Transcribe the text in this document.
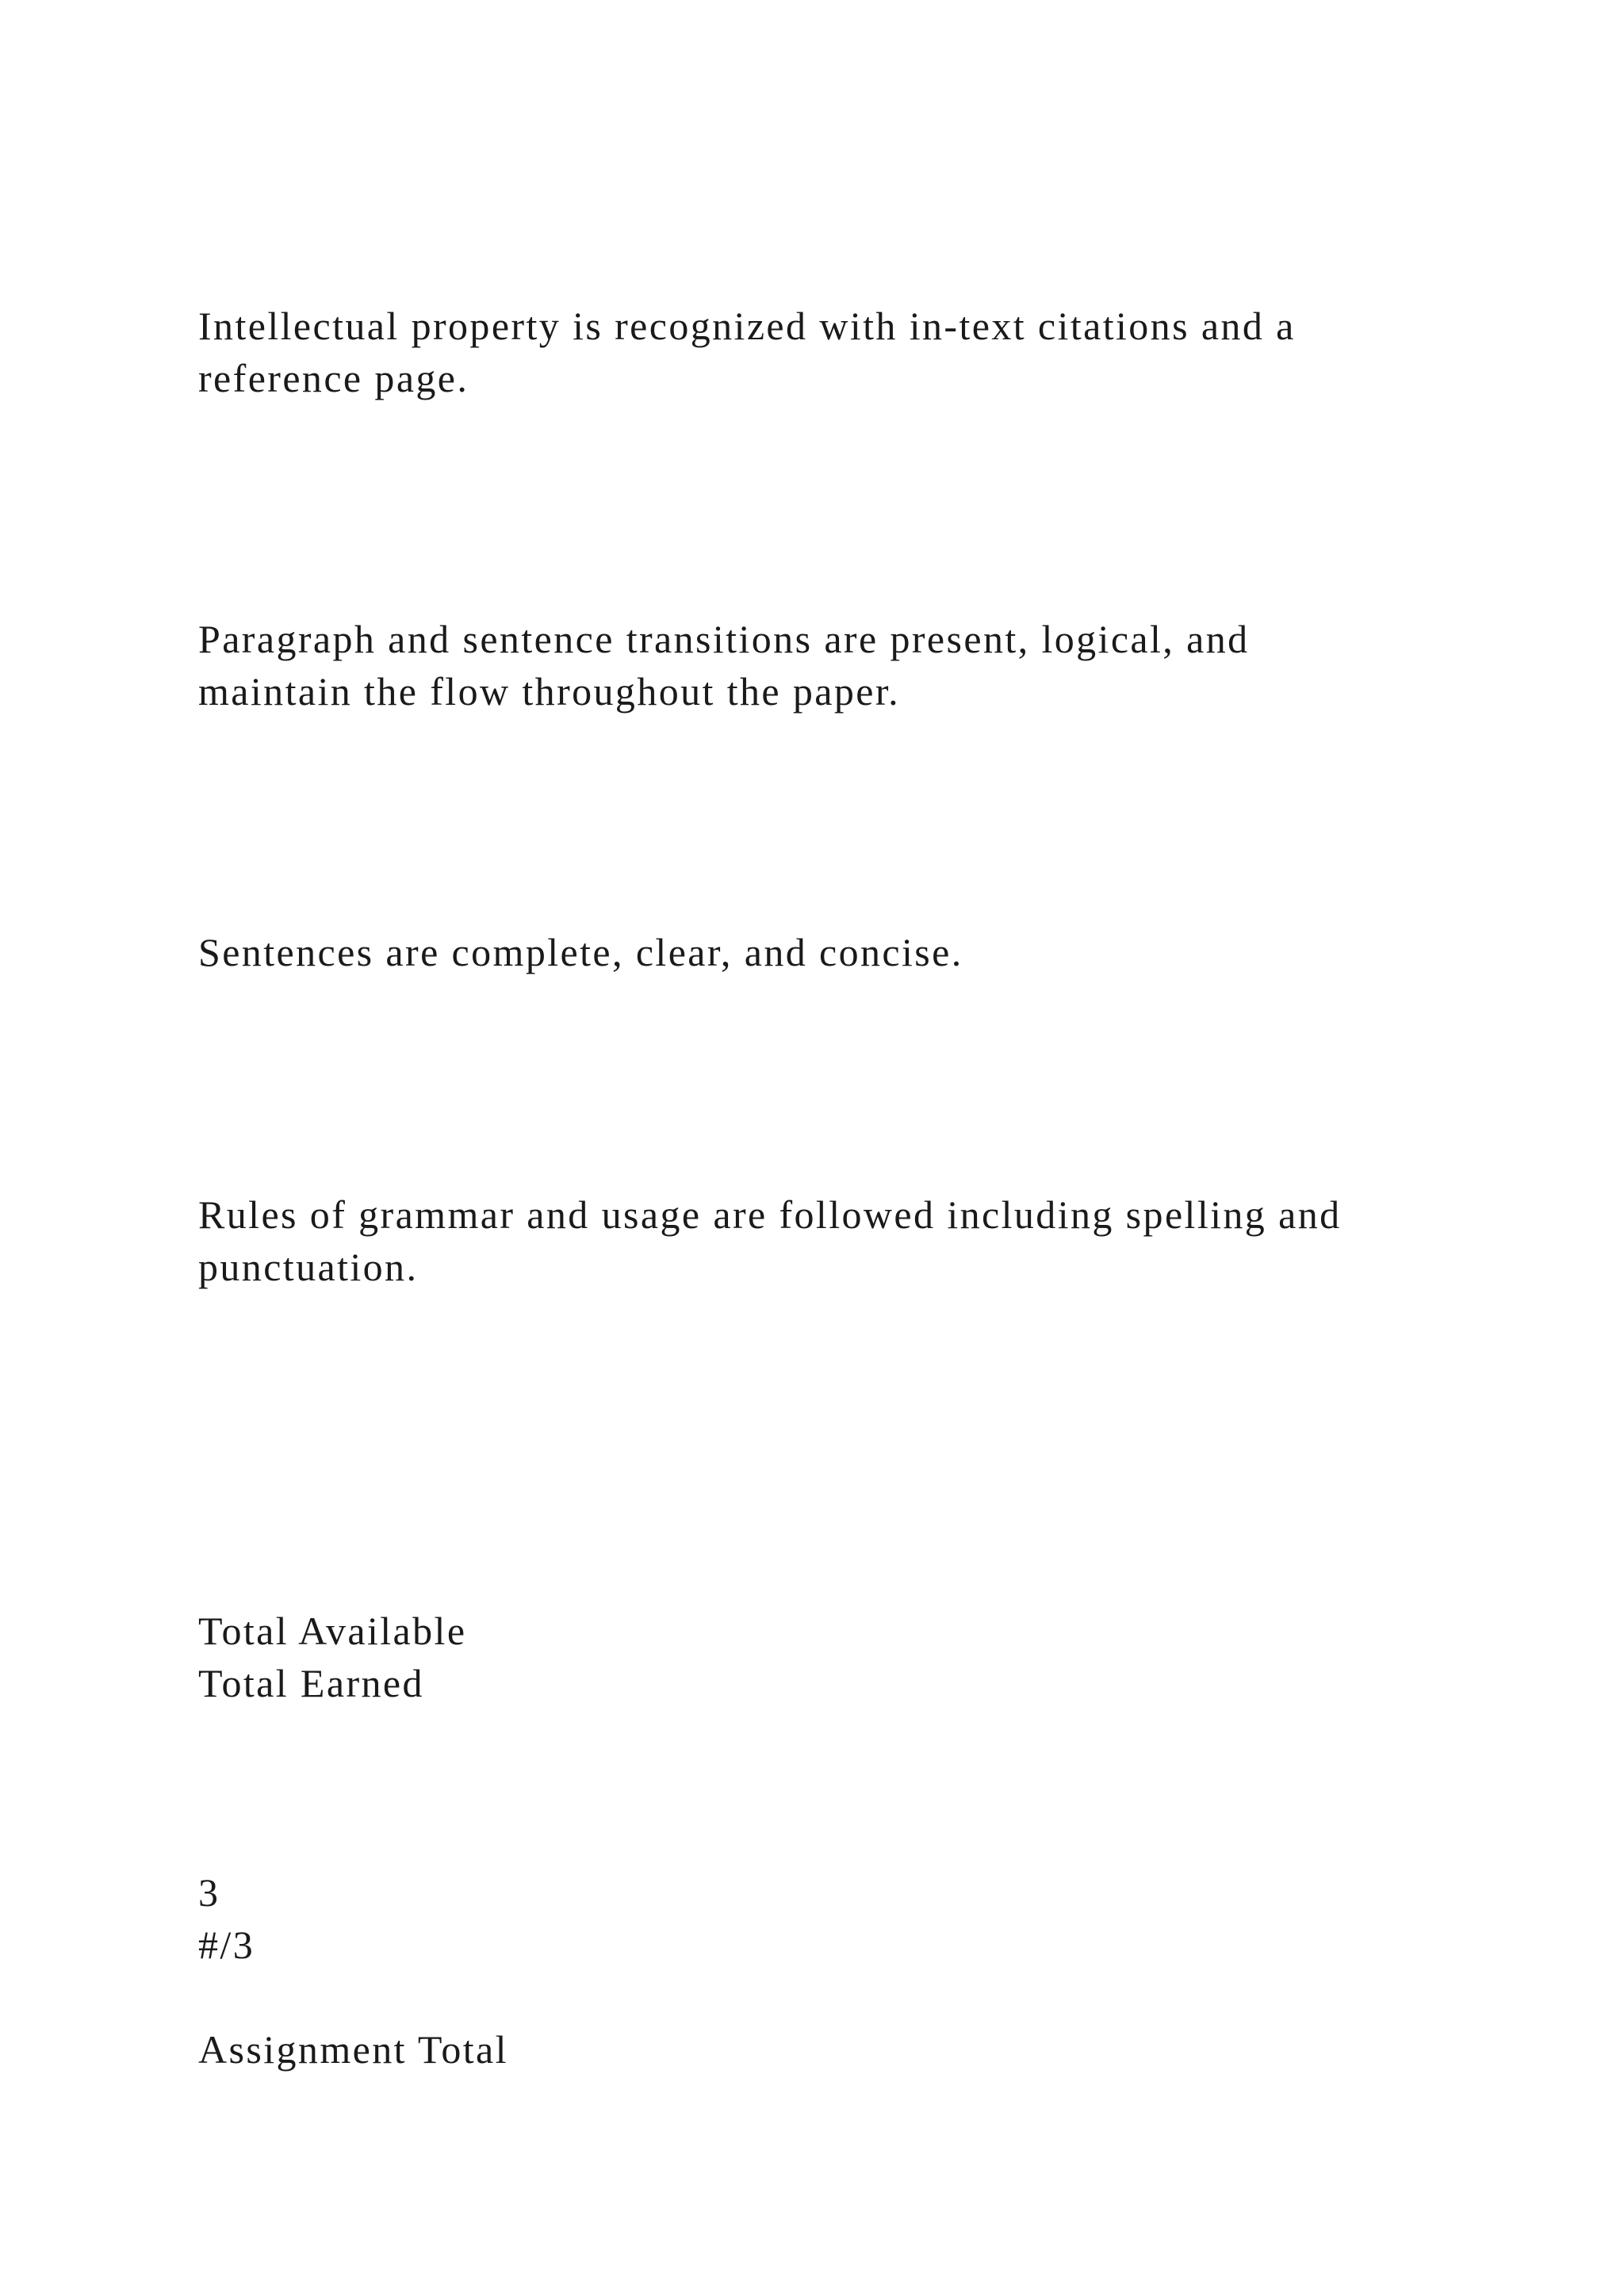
Intellectual property is recognized with in-text citations and a
reference page.
Paragraph and sentence transitions are present, logical, and
maintain the flow throughout the paper.
Sentences are complete, clear, and concise.
Rules of grammar and usage are followed including spelling and
punctuation.
Total Available
Total Earned
3
#/3
Assignment Total
